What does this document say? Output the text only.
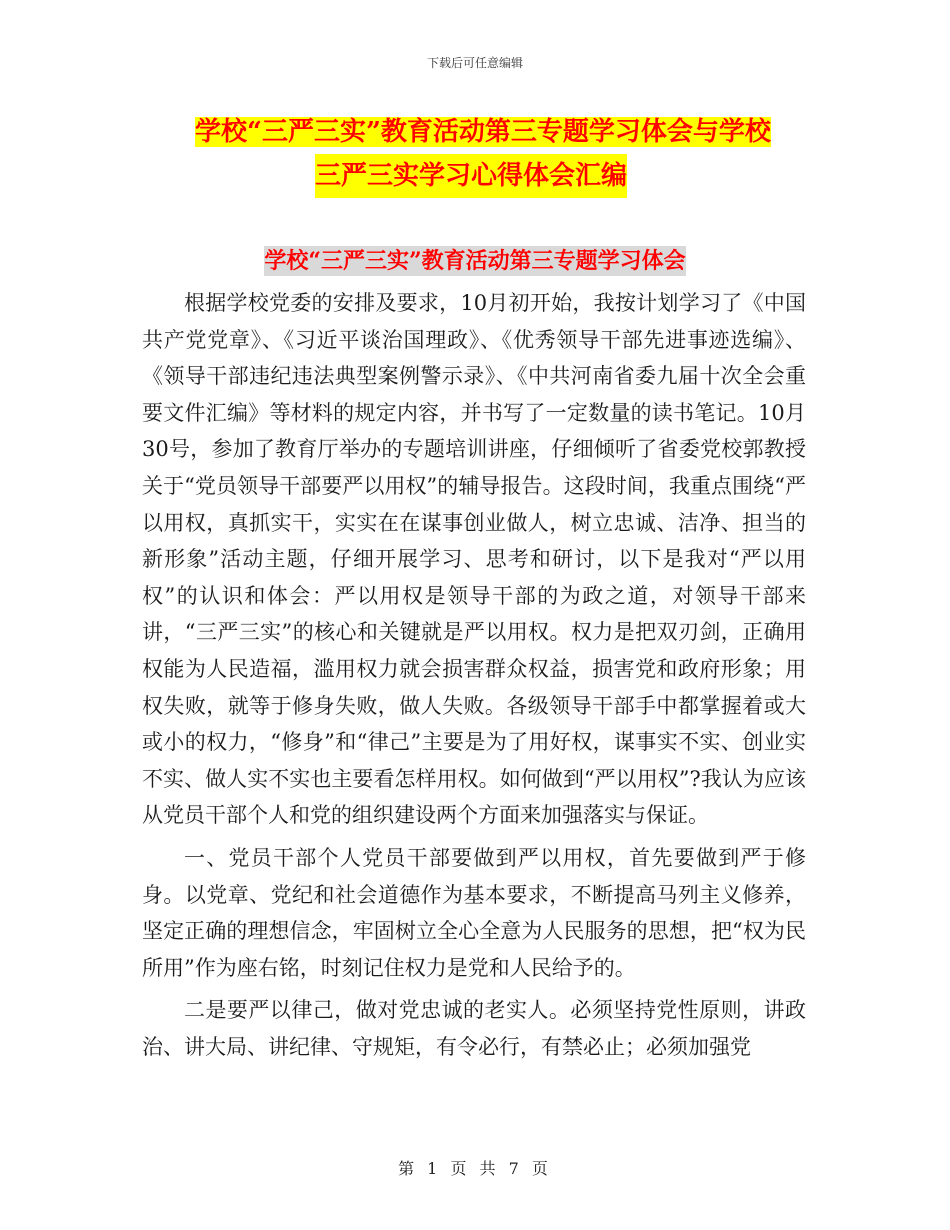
下载后可任意编辑
学校“三严三实”教育活动第三专题学习体会与学校
三严三实学习心得体会汇编
学校“三严三实”教育活动第三专题学习体会

根据学校党委的安排及要求，10月初开始，我按计划学习了《中国共产党党章》、《习近平谈治国理政》、《优秀领导干部先进事迹选编》、《领导干部违纪违法典型案例警示录》、《中共河南省委九届十次全会重要文件汇编》等材料的规定内容，并书写了一定数量的读书笔记。10月30号，参加了教育厅举办的专题培训讲座，仔细倾听了省委党校郭教授关于“党员领导干部要严以用权”的辅导报告。这段时间，我重点围绕“严以用权，真抓实干，实实在在谋事创业做人，树立忠诚、洁净、担当的新形象”活动主题，仔细开展学习、思考和研讨，以下是我对“严以用权”的认识和体会：严以用权是领导干部的为政之道，对领导干部来讲，“三严三实”的核心和关键就是严以用权。权力是把双刃剑，正确用权能为人民造福，滥用权力就会损害群众权益，损害党和政府形象；用权失败，就等于修身失败，做人失败。各级领导干部手中都掌握着或大或小的权力，“修身”和“律己”主要是为了用好权，谋事实不实、创业实不实、做人实不实也主要看怎样用权。如何做到“严以用权”?我认为应该从党员干部个人和党的组织建设两个方面来加强落实与保证。

一、党员干部个人党员干部要做到严以用权，首先要做到严于修身。以党章、党纪和社会道德作为基本要求，不断提高马列主义修养，坚定正确的理想信念，牢固树立全心全意为人民服务的思想，把“权为民所用”作为座右铭，时刻记住权力是党和人民给予的。

二是要严以律己，做对党忠诚的老实人。必须坚持党性原则，讲政治、讲大局、讲纪律、守规矩，有令必行，有禁必止；必须加强党

第 1 页 共 7 页
